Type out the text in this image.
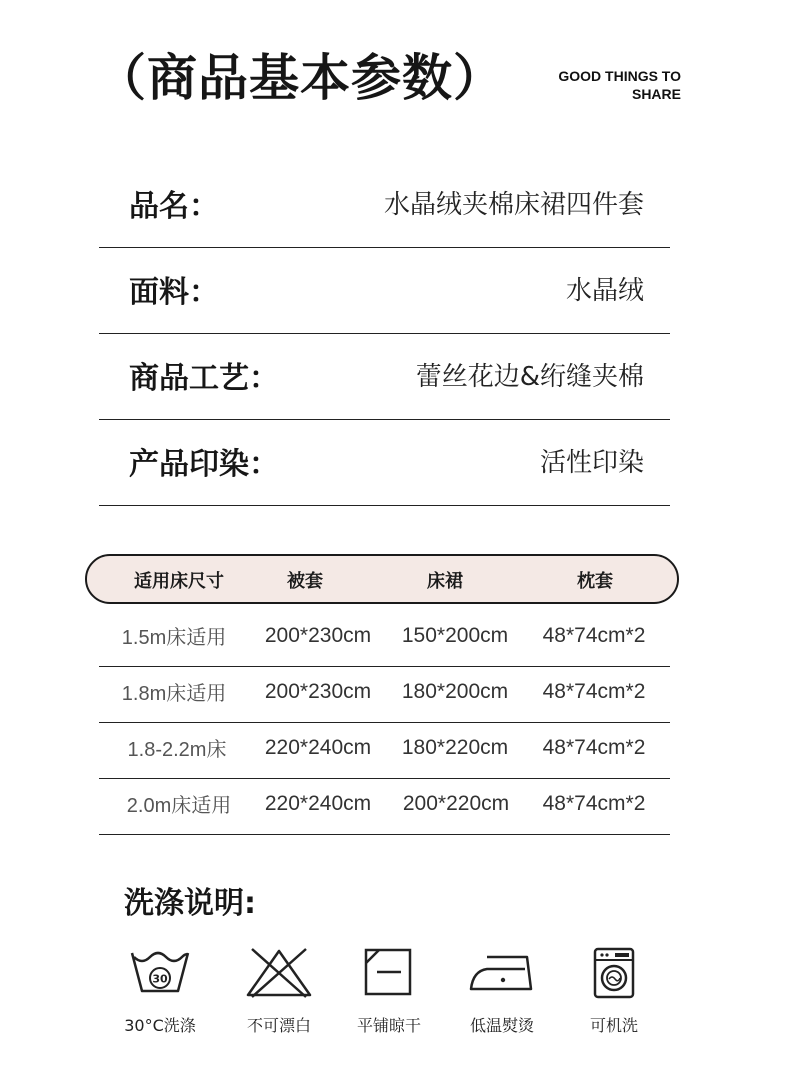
（商品基本参数）	GOOD THINGS TO
SHARE
品名：	水晶绒夹棉床裙四件套
面料：	水晶绒
商品工艺：	蕾丝花边&绗缝夹棉
产品印染：	活性印染
适用床尺寸	被套	床裙	枕套
1.5m床适用 200*230cm 150*200cm 48*74cm*2
1.8m床适用 200*230cm 180*200cm 48*74cm*2
1.8-2.2m床 220*240cm 180*220cm 48*74cm*2
2.0m床适用 220*240cm 200*220cm 48*74cm*2
洗涤说明:
30
30°C洗涤	不可漂白	平铺晾干	低温熨烫	可机洗
